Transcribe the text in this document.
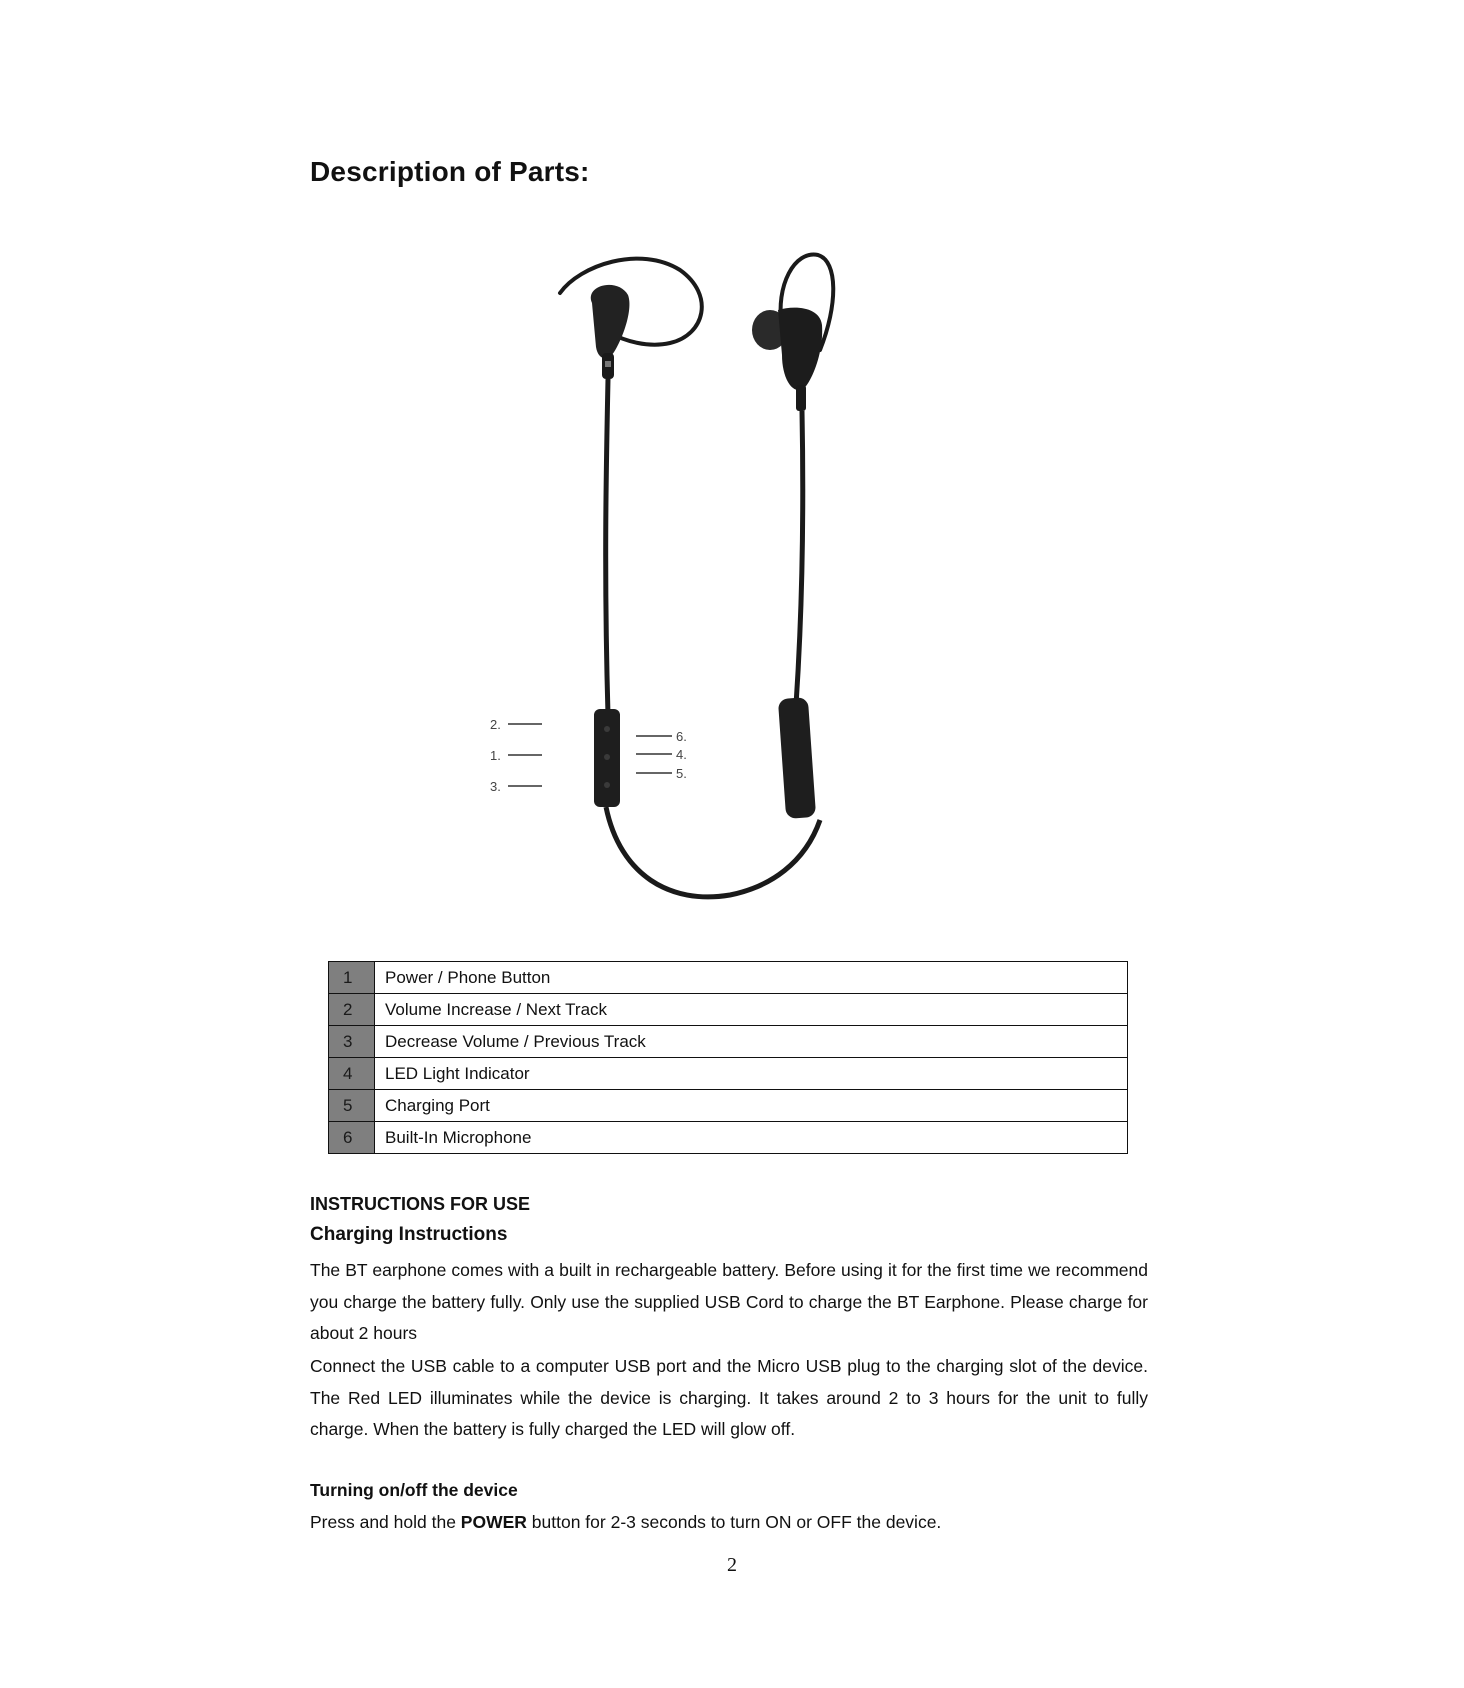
Description of Parts:
2.
1.
3.
6.
4.
5.
1	Power / Phone Button
2	Volume Increase / Next Track
3	Decrease Volume / Previous Track
4	LED Light Indicator
5	Charging Port
6	Built-In Microphone

INSTRUCTIONS FOR USE

Charging Instructions

The BT earphone comes with a built in rechargeable battery. Before using it for the first time we recommend you charge the battery fully. Only use the supplied USB Cord to charge the BT Earphone. Please charge for about 2 hours

Connect the USB cable to a computer USB port and the Micro USB plug to the charging slot of the device. The Red LED illuminates while the device is charging. It takes around 2 to 3 hours for the unit to fully charge. When the battery is fully charged the LED will glow off.

Turning on/off the device

Press and hold the POWER button for 2-3 seconds to turn ON or OFF the device.

2
